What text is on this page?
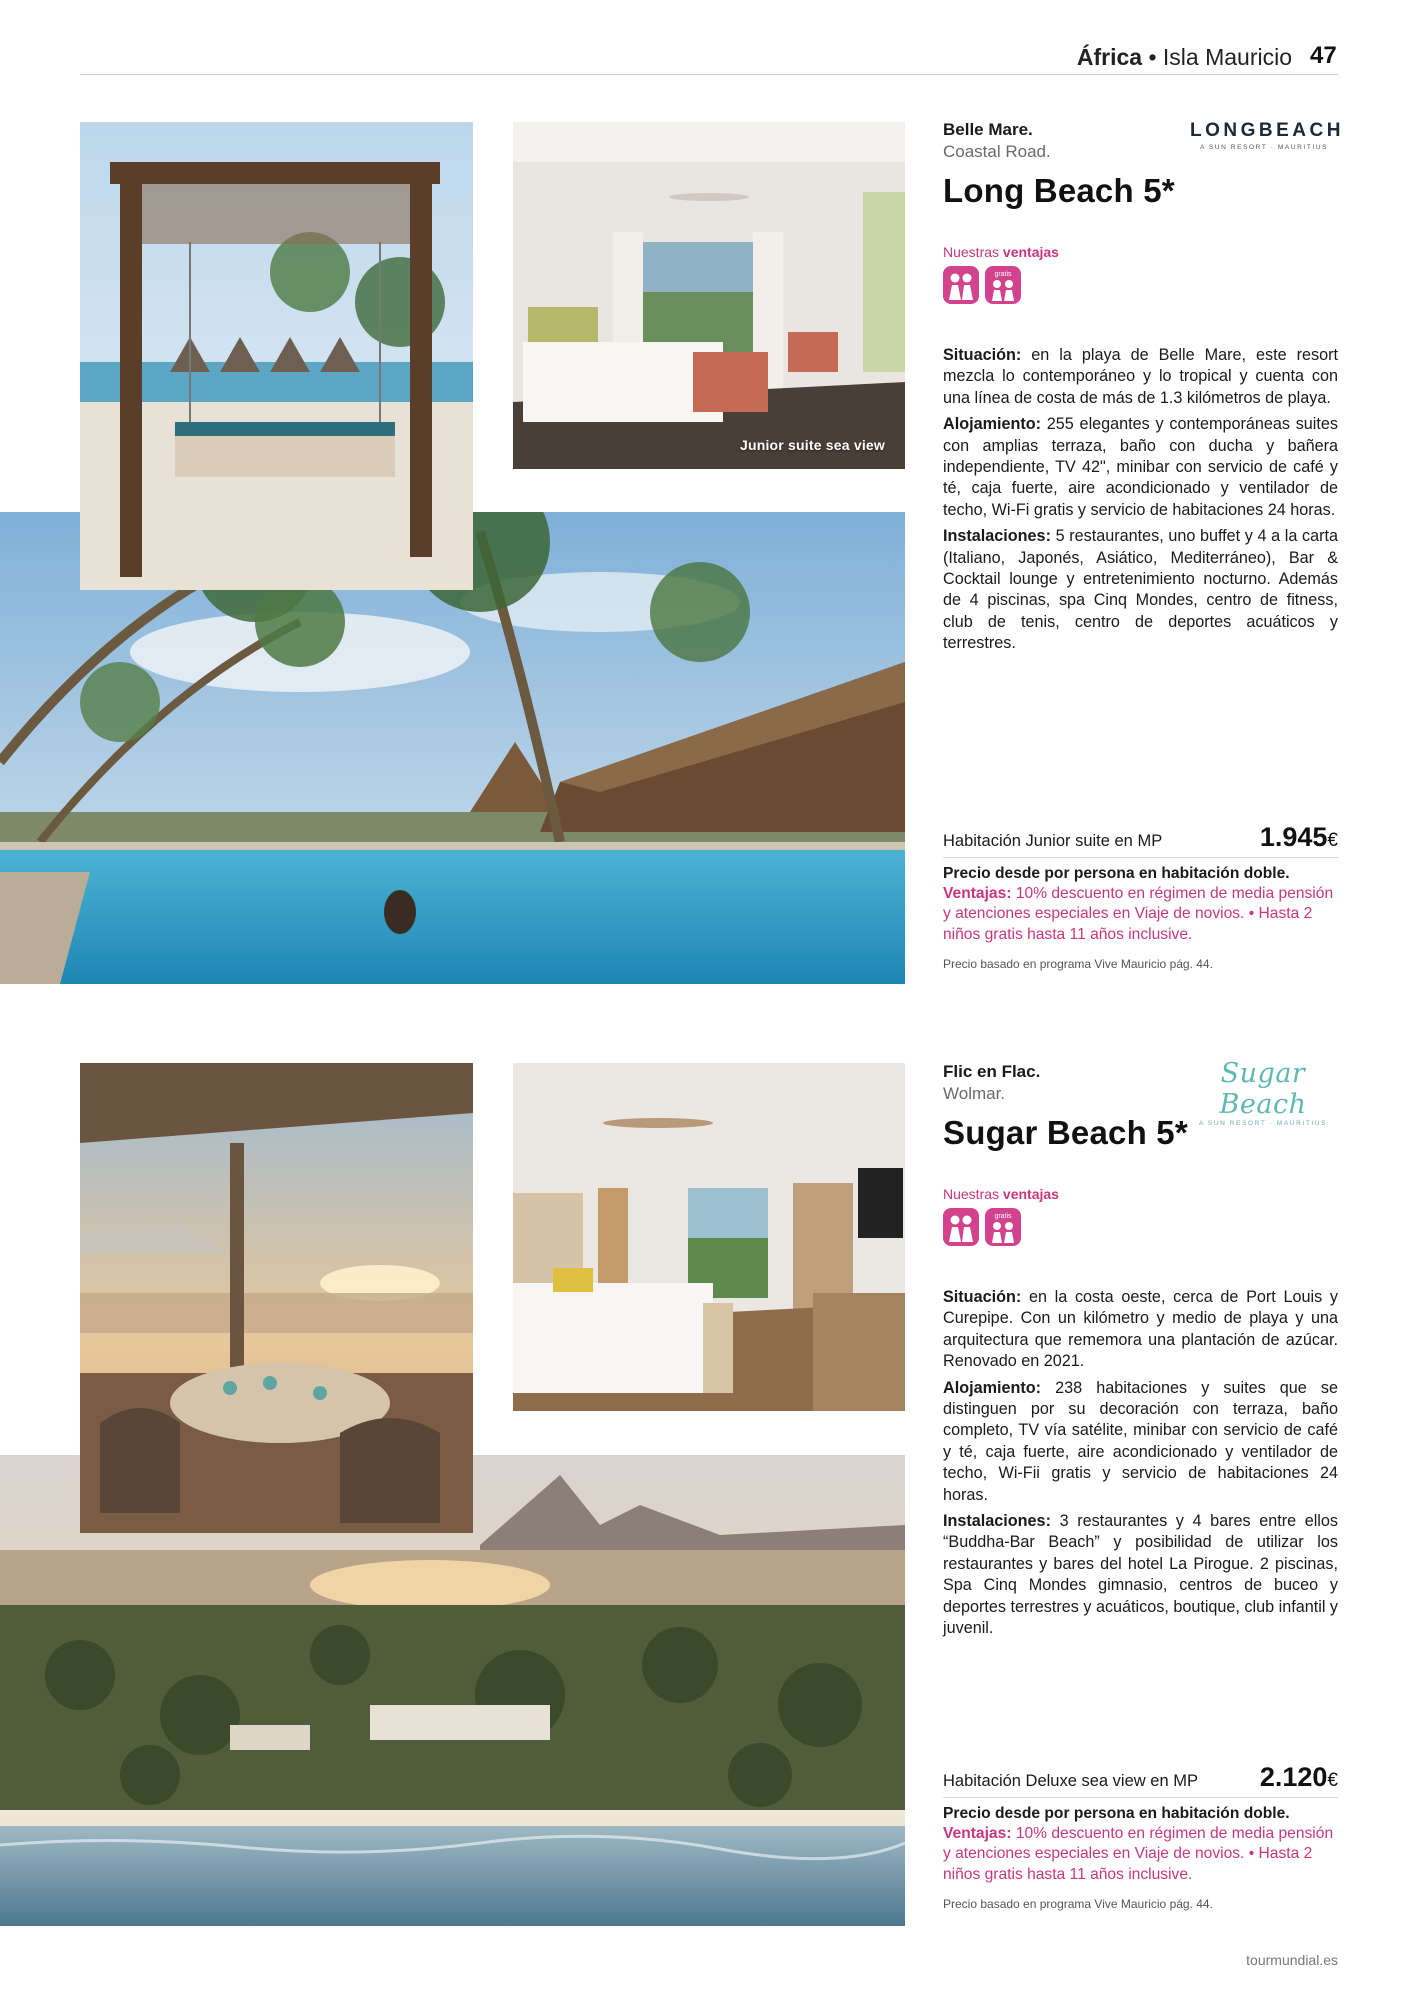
África • Isla Mauricio 47
Junior suite sea view
Belle Mare.
Coastal Road.
LONGBEACH
A SUN RESORT · MAURITIUS
Long Beach 5*
Nuestras ventajas
gratis

Situación: en la playa de Belle Mare, este resort mezcla lo contemporáneo y lo tropical y cuenta con una línea de costa de más de 1.3 kilómetros de playa.

Alojamiento: 255 elegantes y contemporáneas suites con amplias terraza, baño con ducha y bañera independiente, TV 42", minibar con servicio de café y té, caja fuerte, aire acondicionado y ventilador de techo, Wi-Fi gratis y servicio de habitaciones 24 horas.

Instalaciones: 5 restaurantes, uno buffet y 4 a la carta (Italiano, Japonés, Asiático, Mediterráneo), Bar & Cocktail lounge y entretenimiento nocturno. Además de 4 piscinas, spa Cinq Mondes, centro de fitness, club de tenis, centro de deportes acuáticos y terrestres.

Habitación Junior suite en MP	1.945€
Precio desde por persona en habitación doble. Ventajas: 10% descuento en régimen de media pensión y atenciones especiales en Viaje de novios. • Hasta 2 niños gratis hasta 11 años inclusive.
Precio basado en programa Vive Mauricio pág. 44.
Flic en Flac.
Wolmar.
Sugar Beach
A SUN RESORT · MAURITIUS
Sugar Beach 5*
Nuestras ventajas
gratis

Situación: en la costa oeste, cerca de Port Louis y Curepipe. Con un kilómetro y medio de playa y una arquitectura que rememora una plantación de azúcar. Renovado en 2021.

Alojamiento: 238 habitaciones y suites que se distinguen por su decoración con terraza, baño completo, TV vía satélite, minibar con servicio de café y té, caja fuerte, aire acondicionado y ventilador de techo, Wi-Fii gratis y servicio de habitaciones 24 horas.

Instalaciones: 3 restaurantes y 4 bares entre ellos “Buddha-Bar Beach” y posibilidad de utilizar los restaurantes y bares del hotel La Pirogue. 2 piscinas, Spa Cinq Mondes gimnasio, centros de buceo y deportes terrestres y acuáticos, boutique, club infantil y juvenil.

Habitación Deluxe sea view en MP 2.120€
Precio desde por persona en habitación doble. Ventajas: 10% descuento en régimen de media pensión y atenciones especiales en Viaje de novios. • Hasta 2 niños gratis hasta 11 años inclusive.
Precio basado en programa Vive Mauricio pág. 44.
tourmundial.es
